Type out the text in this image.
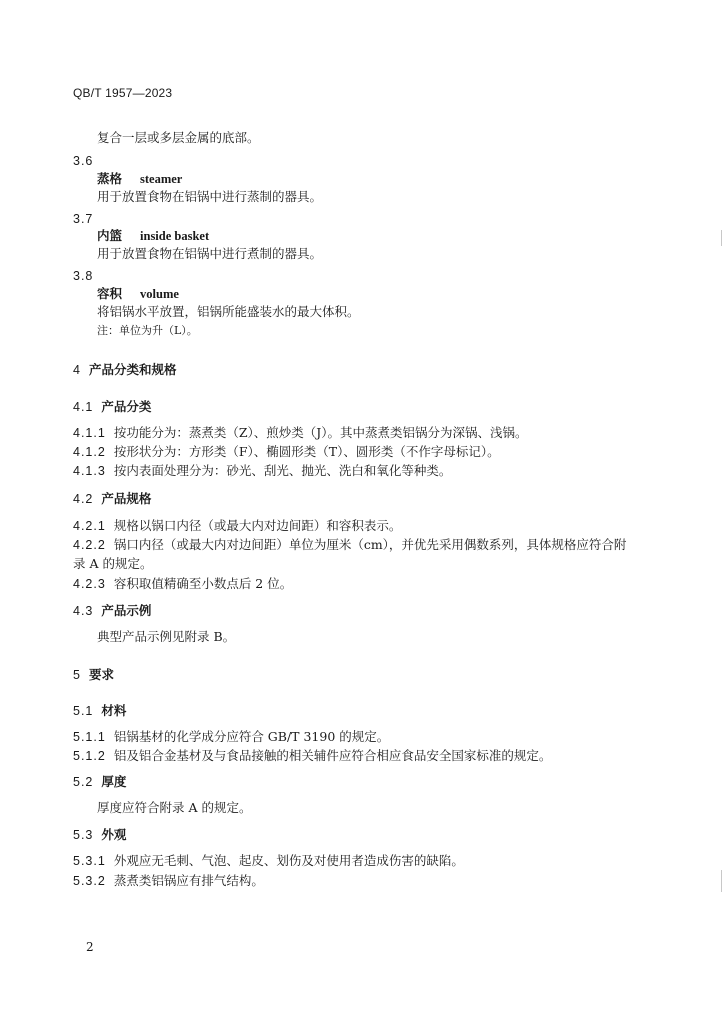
QB/T 1957—2023
复合一层或多层金属的底部。
3.6
蒸格 steamer
用于放置食物在铝锅中进行蒸制的器具。
3.7
内篮 inside basket
用于放置食物在铝锅中进行煮制的器具。
3.8
容积 volume
将铝锅水平放置，铝锅所能盛装水的最大体积。
注：单位为升（L）。
4 产品分类和规格
4.1 产品分类
4.1.1 按功能分为：蒸煮类（Z）、煎炒类（J）。其中蒸煮类铝锅分为深锅、浅锅。
4.1.2 按形状分为：方形类（F）、椭圆形类（T）、圆形类（不作字母标记）。
4.1.3 按内表面处理分为：砂光、刮光、抛光、洗白和氧化等种类。
4.2 产品规格
4.2.1 规格以锅口内径（或最大内对边间距）和容积表示。
4.2.2 锅口内径（或最大内对边间距）单位为厘米（cm），并优先采用偶数系列，具体规格应符合附
录 A 的规定。
4.2.3 容积取值精确至小数点后 2 位。
4.3 产品示例
典型产品示例见附录 B。
5 要求
5.1 材料
5.1.1 铝锅基材的化学成分应符合 GB/T 3190 的规定。
5.1.2 铝及铝合金基材及与食品接触的相关辅件应符合相应食品安全国家标准的规定。
5.2 厚度
厚度应符合附录 A 的规定。
5.3 外观
5.3.1 外观应无毛刺、气泡、起皮、划伤及对使用者造成伤害的缺陷。
5.3.2 蒸煮类铝锅应有排气结构。
2
